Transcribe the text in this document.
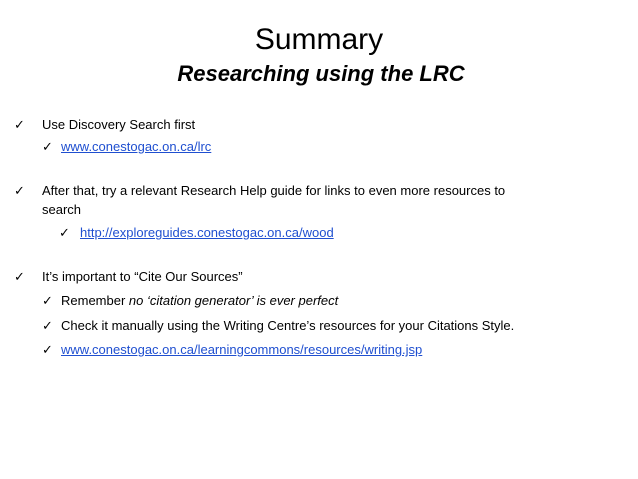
Summary
Researching using the LRC
✓ Use Discovery Search first
✓ www.conestogac.on.ca/lrc
✓ After that, try a relevant Research Help guide for links to even more resources to
search
✓ http://exploreguides.conestogac.on.ca/wood
✓ It’s important to “Cite Our Sources”
✓ Remember no ‘citation generator’ is ever perfect
✓ Check it manually using the Writing Centre’s resources for your Citations Style.
✓ www.conestogac.on.ca/learningcommons/resources/writing.jsp
